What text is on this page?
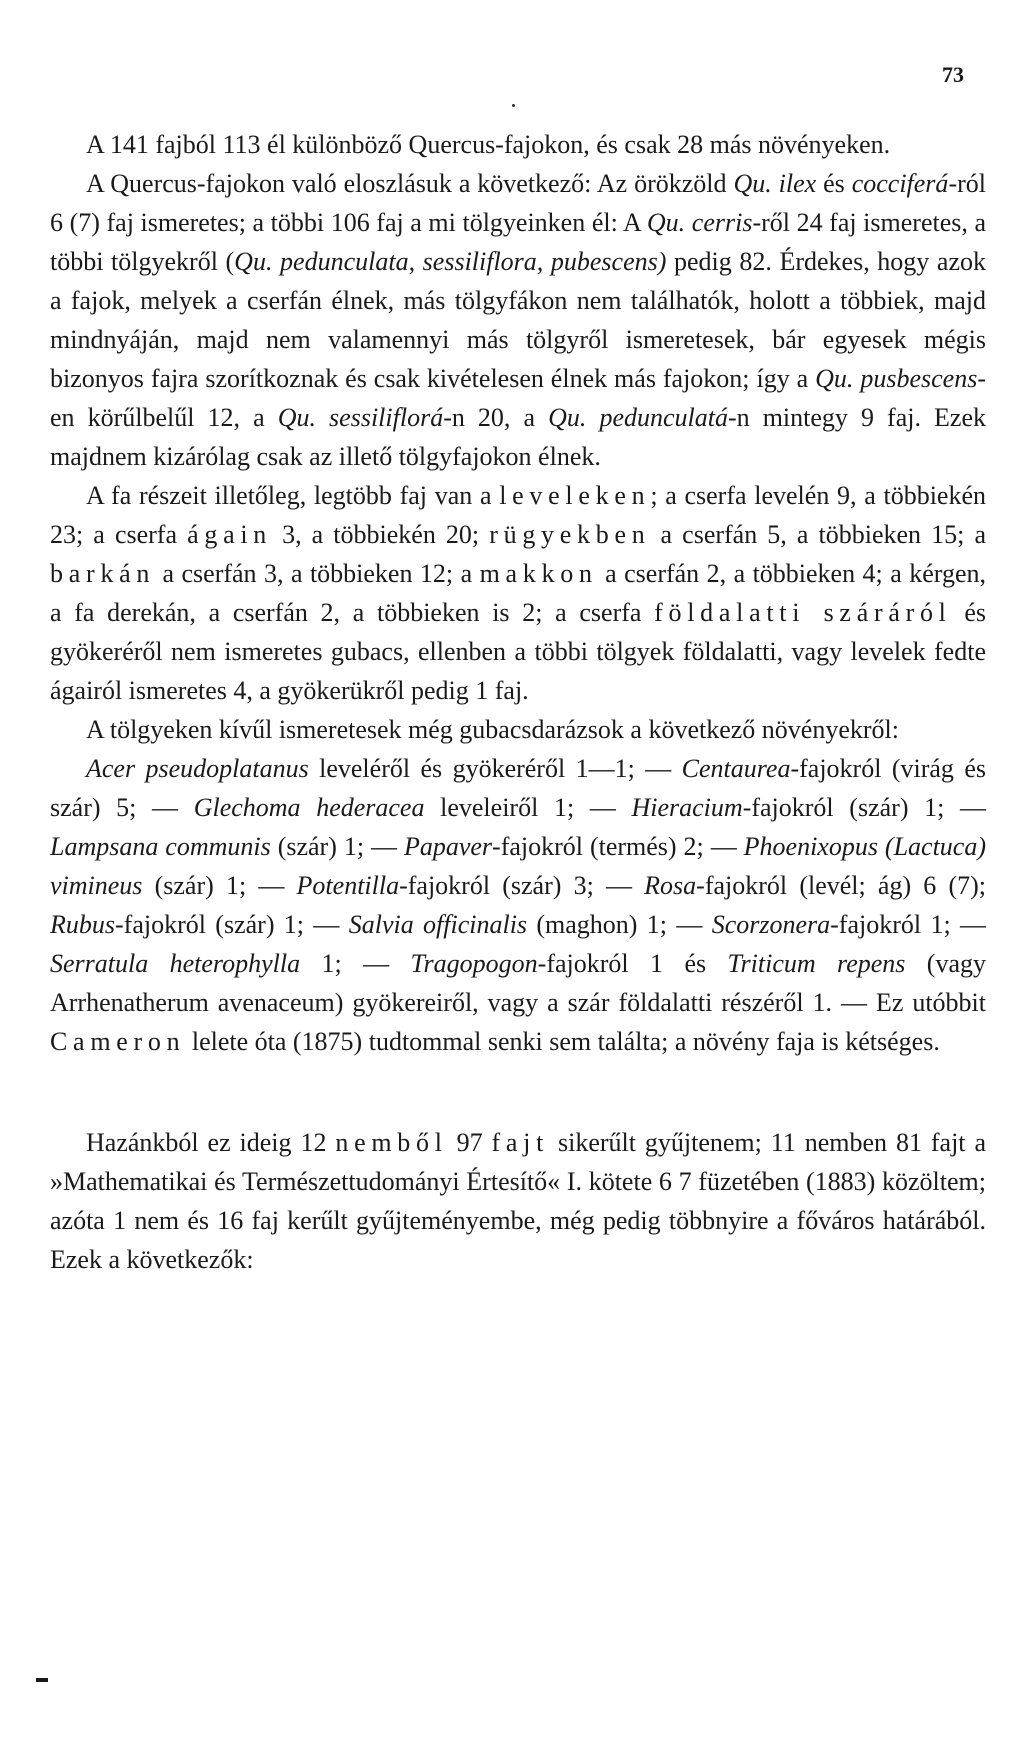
73

A 141 fajból 113 él különböző Quercus-fajokon, és csak 28 más növényeken.

A Quercus-fajokon való eloszlásuk a következő: Az örökzöld Qu. ilex és cocciferá-ról 6 (7) faj ismeretes; a többi 106 faj a mi tölgyeinken él: A Qu. cerris-ről 24 faj ismeretes, a többi tölgyekről (Qu. pedunculata, sessiliflora, pubescens) pedig 82. Érdekes, hogy azok a fajok, melyek a cserfán élnek, más tölgyfákon nem találhatók, holott a többiek, majd mindnyáján, majd nem valamennyi más tölgyről ismeretesek, bár egyesek mégis bizonyos fajra szorítkoznak és csak kivételesen élnek más fajokon; így a Qu. pusbescens-en körűlbelűl 12, a Qu. sessiliflorá-n 20, a Qu. pedunculatá-n mintegy 9 faj. Ezek majdnem kizárólag csak az illető tölgyfajokon élnek.

A fa részeit illetőleg, legtöbb faj van a leveleken; a cserfa levelén 9, a többiekén 23; a cserfa ágain 3, a többiekén 20; rügyekben a cserfán 5, a többieken 15; a barkán a cserfán 3, a többieken 12; a makkon a cserfán 2, a többieken 4; a kérgen, a fa derekán, a cserfán 2, a többieken is 2; a cserfa földalatti száráról és gyökeréről nem ismeretes gubacs, ellenben a többi tölgyek földalatti, vagy levelek fedte ágairól ismeretes 4, a gyökerükről pedig 1 faj.

A tölgyeken kívűl ismeretesek még gubacsdarázsok a következő növényekről:

Acer pseudoplatanus leveléről és gyökeréről 1—1; — Centaurea-fajokról (virág és szár) 5; — Glechoma hederacea leveleiről 1; — Hieracium-fajokról (szár) 1; — Lampsana communis (szár) 1; — Papaver-fajokról (termés) 2; — Phoenixopus (Lactuca) vimineus (szár) 1; — Potentilla-fajokról (szár) 3; — Rosa-fajokról (levél; ág) 6 (7); Rubus-fajokról (szár) 1; — Salvia officinalis (maghon) 1; — Scorzonera-fajokról 1; — Serratula heterophylla 1; — Tragopogon-fajokról 1 és Triticum repens (vagy Arrhenatherum avenaceum) gyökereiről, vagy a szár földalatti részéről 1. — Ez utóbbit Cameron lelete óta (1875) tudtommal senki sem találta; a növény faja is kétséges.

Hazánkból ez ideig 12 nemből 97 fajt sikerűlt gyűjtenem; 11 nemben 81 fajt a »Mathematikai és Természettudományi Értesítő« I. kötete 6 7 füzetében (1883) közöltem; azóta 1 nem és 16 faj kerűlt gyűjteményembe, még pedig többnyire a főváros határából. Ezek a következők:
